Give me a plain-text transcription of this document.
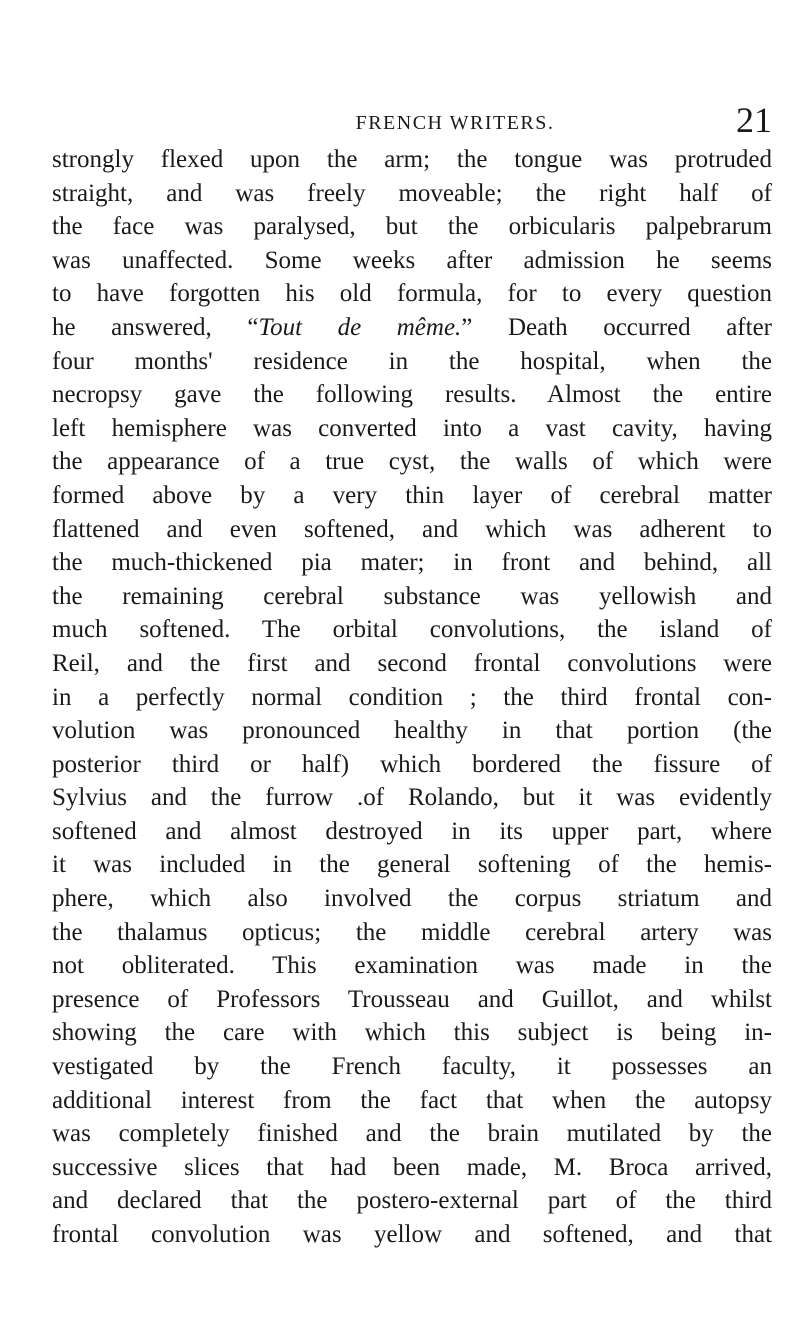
FRENCH WRITERS.	21
strongly flexed upon the arm; the tongue was protruded
straight, and was freely moveable; the right half of
the face was paralysed, but the orbicularis palpebrarum
was unaffected. Some weeks after admission he seems
to have forgotten his old formula, for to every question
he answered, “Tout de même.” Death occurred after
four months' residence in the hospital, when the
necropsy gave the following results. Almost the entire
left hemisphere was converted into a vast cavity, having
the appearance of a true cyst, the walls of which were
formed above by a very thin layer of cerebral matter
flattened and even softened, and which was adherent to
the much-thickened pia mater; in front and behind, all
the remaining cerebral substance was yellowish and
much softened. The orbital convolutions, the island of
Reil, and the first and second frontal convolutions were
in a perfectly normal condition ; the third frontal con-
volution was pronounced healthy in that portion (the
posterior third or half) which bordered the fissure of
Sylvius and the furrow .of Rolando, but it was evidently
softened and almost destroyed in its upper part, where
it was included in the general softening of the hemis-
phere, which also involved the corpus striatum and
the thalamus opticus; the middle cerebral artery was
not obliterated. This examination was made in the
presence of Professors Trousseau and Guillot, and whilst
showing the care with which this subject is being in-
vestigated by the French faculty, it possesses an
additional interest from the fact that when the autopsy
was completely finished and the brain mutilated by the
successive slices that had been made, M. Broca arrived,
and declared that the postero-external part of the third
frontal convolution was yellow and softened, and that
